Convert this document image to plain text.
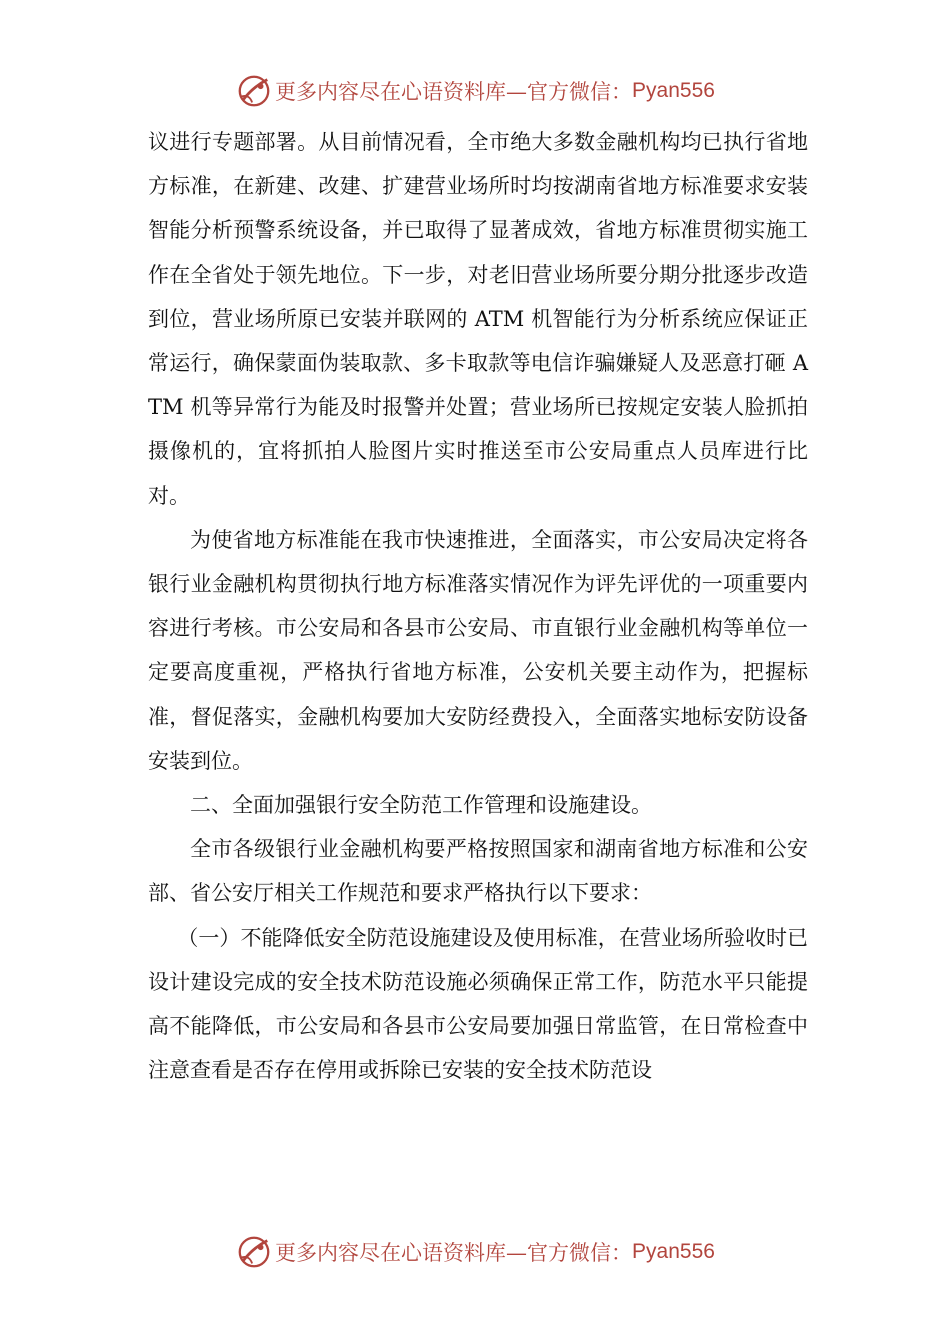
更多内容尽在心语资料库 —官方微信： Pyan556

议进行专题部署。从目前情况看，全市绝大多数金融机构均已执行省地方标准，在新建、改建、扩建营业场所时均按湖南省地方标准要求安装智能分析预警系统设备，并已取得了显著成效，省地方标准贯彻实施工作在全省处于领先地位。下一步，对老旧营业场所要分期分批逐步改造到位，营业场所原已安装并联网的 ATM 机智能行为分析系统应保证正常运行，确保蒙面伪装取款、多卡取款等电信诈骗嫌疑人及恶意打砸 ATM 机等异常行为能及时报警并处置；营业场所已按规定安装人脸抓拍摄像机的，宜将抓拍人脸图片实时推送至市公安局重点人员库进行比对。

为使省地方标准能在我市快速推进，全面落实，市公安局决定将各银行业金融机构贯彻执行地方标准落实情况作为评先评优的一项重要内容进行考核。市公安局和各县市公安局、市直银行业金融机构等单位一定要高度重视，严格执行省地方标准，公安机关要主动作为，把握标准，督促落实，金融机构要加大安防经费投入，全面落实地标安防设备安装到位。

二、全面加强银行安全防范工作管理和设施建设。

全市各级银行业金融机构要严格按照国家和湖南省地方标准和公安部、省公安厅相关工作规范和要求严格执行以下要求：

（一）不能降低安全防范设施建设及使用标准，在营业场所验收时已设计建设完成的安全技术防范设施必须确保正常工作，防范水平只能提高不能降低，市公安局和各县市公安局要加强日常监管，在日常检查中注意查看是否存在停用或拆除已安装的安全技术防范设

更多内容尽在心语资料库 —官方微信： Pyan556
